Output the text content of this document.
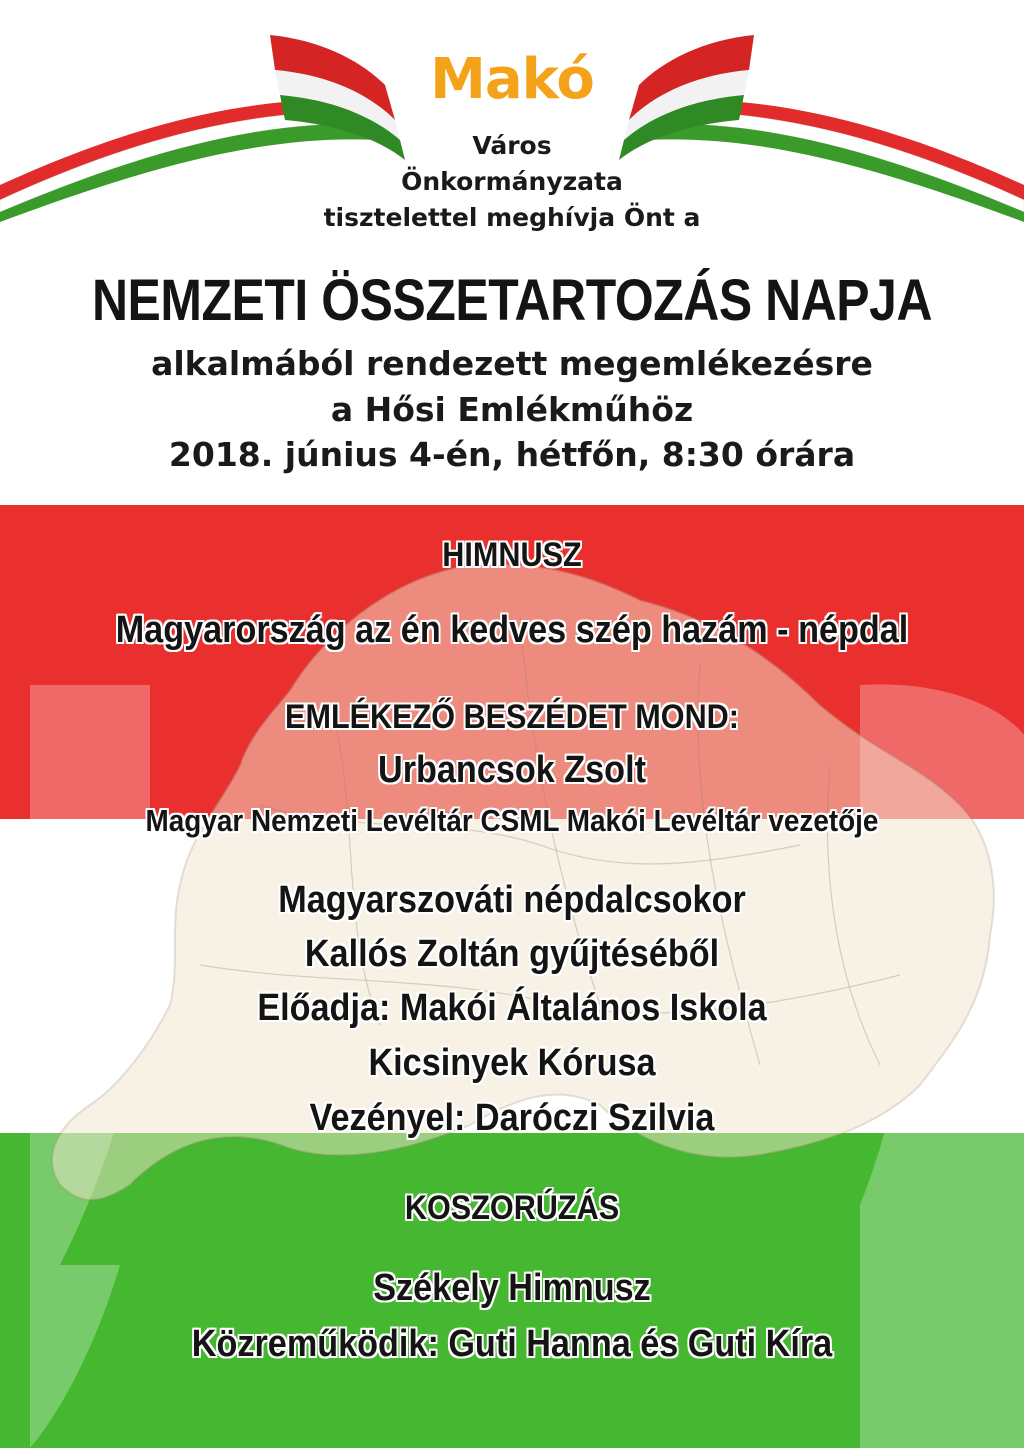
Makó
Város
Önkormányzata
tisztelettel meghívja Önt a
NEMZETI ÖSSZETARTOZÁS NAPJA
alkalmából rendezett megemlékezésre
a Hősi Emlékműhöz
2018. június 4-én, hétfőn, 8:30 órára
HIMNUSZ
Magyarország az én kedves szép hazám - népdal
EMLÉKEZŐ BESZÉDET MOND:
Urbancsok Zsolt
Magyar Nemzeti Levéltár CSML Makói Levéltár vezetője
Magyarszováti népdalcsokor
Kallós Zoltán gyűjtéséből
Előadja: Makói Általános Iskola
Kicsinyek Kórusa
Vezényel: Daróczi Szilvia
KOSZORÚZÁS
Székely Himnusz
Közreműködik: Guti Hanna és Guti Kíra
